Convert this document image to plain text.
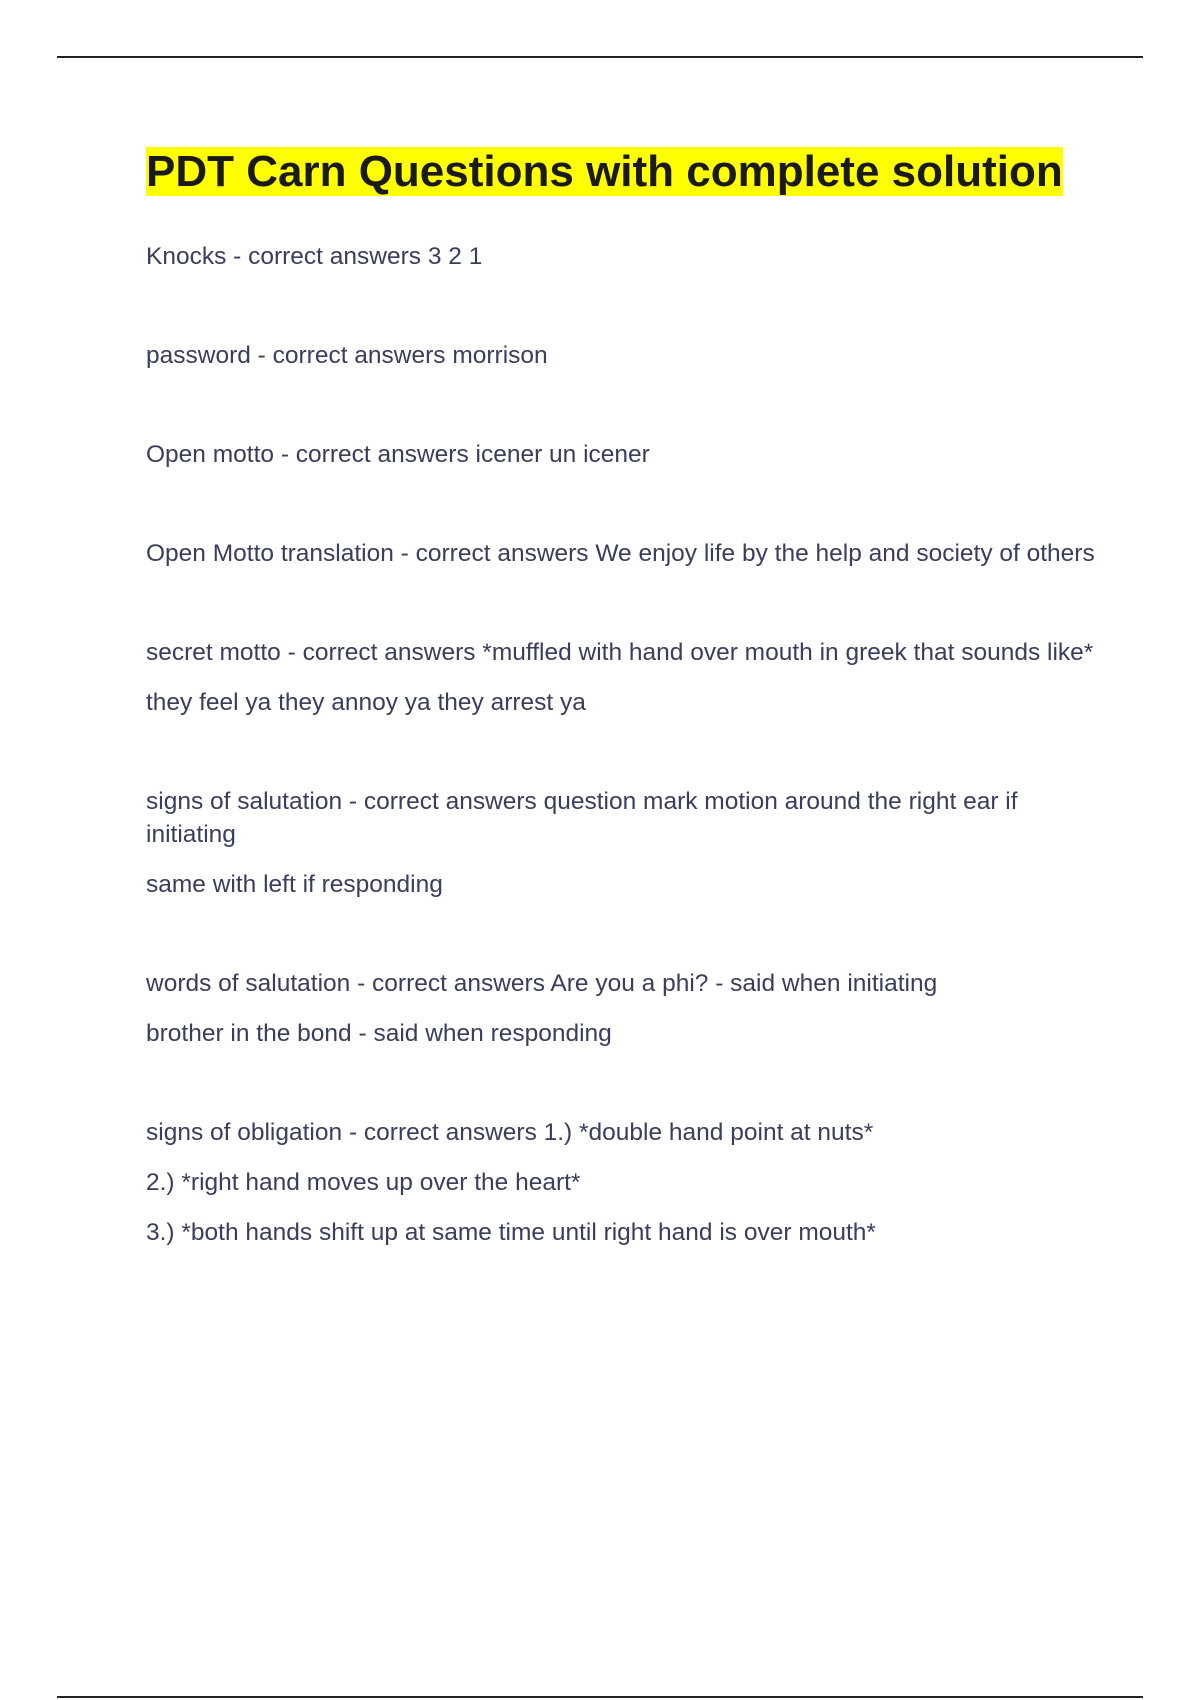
PDT Carn Questions with complete solution

Knocks - correct answers 3 2 1

password - correct answers morrison

Open motto - correct answers icener un icener

Open Motto translation - correct answers We enjoy life by the help and society of others

secret motto - correct answers *muffled with hand over mouth in greek that sounds like*

they feel ya they annoy ya they arrest ya

signs of salutation - correct answers question mark motion around the right ear if initiating

same with left if responding

words of salutation - correct answers Are you a phi? - said when initiating

brother in the bond - said when responding

signs of obligation - correct answers 1.) *double hand point at nuts*

2.) *right hand moves up over the heart*

3.) *both hands shift up at same time until right hand is over mouth*
